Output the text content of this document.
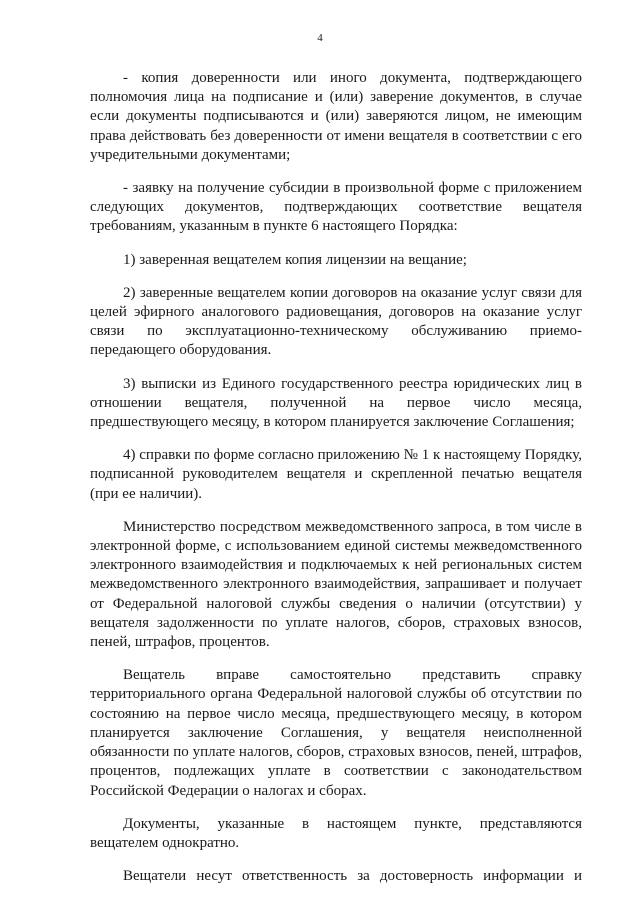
4

- копия доверенности или иного документа, подтверждающего полномочия лица на подписание и (или) заверение документов, в случае если документы подписываются и (или) заверяются лицом, не имеющим права действовать без доверенности от имени вещателя в соответствии с его учредительными документами;

- заявку на получение субсидии в произвольной форме с приложением следующих документов, подтверждающих соответствие вещателя требованиям, указанным в пункте 6 настоящего Порядка:

1) заверенная вещателем копия лицензии на вещание;

2) заверенные вещателем копии договоров на оказание услуг связи для целей эфирного аналогового радиовещания, договоров на оказание услуг связи по эксплуатационно-техническому обслуживанию приемо-передающего оборудования.

3) выписки из Единого государственного реестра юридических лиц в отношении вещателя, полученной на первое число месяца, предшествующего месяцу, в котором планируется заключение Соглашения;

4) справки по форме согласно приложению № 1 к настоящему Порядку, подписанной руководителем вещателя и скрепленной печатью вещателя (при ее наличии).

Министерство посредством межведомственного запроса, в том числе в электронной форме, с использованием единой системы межведомственного электронного взаимодействия и подключаемых к ней региональных систем межведомственного электронного взаимодействия, запрашивает и получает от Федеральной налоговой службы сведения о наличии (отсутствии) у вещателя задолженности по уплате налогов, сборов, страховых взносов, пеней, штрафов, процентов.

Вещатель вправе самостоятельно представить справку территориального органа Федеральной налоговой службы об отсутствии по состоянию на первое число месяца, предшествующего месяцу, в котором планируется заключение Соглашения, у вещателя неисполненной обязанности по уплате налогов, сборов, страховых взносов, пеней, штрафов, процентов, подлежащих уплате в соответствии с законодательством Российской Федерации о налогах и сборах.

Документы, указанные в настоящем пункте, представляются вещателем однократно.

Вещатели несут ответственность за достоверность информации и
